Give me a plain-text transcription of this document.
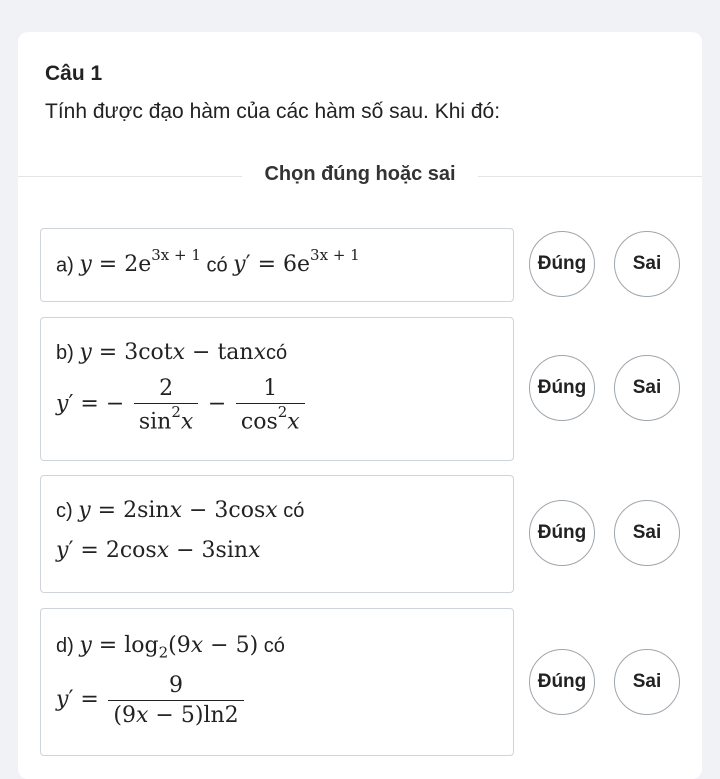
Câu 1
Tính được đạo hàm của các hàm số sau. Khi đó:
Chọn đúng hoặc sai
a) $y = 2e^{3x + 1}$ có $y' = 6e^{3x + 1}$	Đúng	Sai
b) y = 3cotx − tanxcó
y′ = − $\frac{2}{\sin^2x} - \frac{1}{\cos^2x}$	Đúng	Sai
c) y = 2sinx − 3cosx có
y′ = 2cosx − 3sinx
Đúng	Sai
d) $y = \log_2(9x - 5)$ có
$y' = \frac{9}{(9x - 5)\ln 2}$	Đúng	Sai
